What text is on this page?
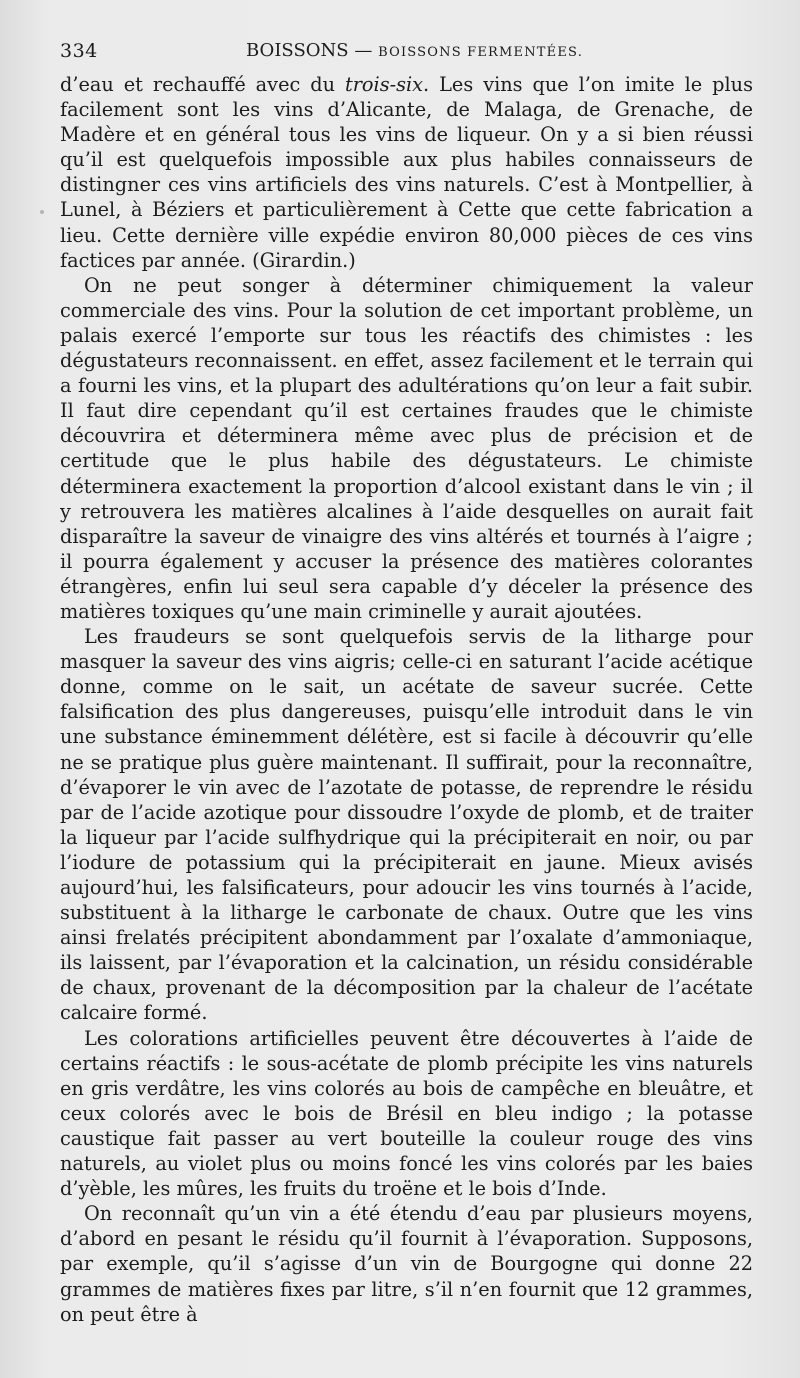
334	BOISSONS — BOISSONS FERMENTÉES.

d’eau et rechauffé avec du trois-six. Les vins que l’on imite le plus facilement sont les vins d’Alicante, de Malaga, de Grenache, de Madère et en général tous les vins de liqueur. On y a si bien réussi qu’il est quelquefois impossible aux plus habiles connaisseurs de distingner ces vins artificiels des vins naturels. C’est à Montpellier, à Lunel, à Béziers et particulièrement à Cette que cette fabrication a lieu. Cette dernière ville expédie environ 80,000 pièces de ces vins factices par année. (Girardin.)

On ne peut songer à déterminer chimiquement la valeur commerciale des vins. Pour la solution de cet important problème, un palais exercé l’emporte sur tous les réactifs des chimistes : les dégustateurs reconnaissent. en effet, assez facilement et le terrain qui a fourni les vins, et la plupart des adultérations qu’on leur a fait subir. Il faut dire cependant qu’il est certaines fraudes que le chimiste découvrira et déterminera même avec plus de précision et de certitude que le plus habile des dégustateurs. Le chimiste déterminera exactement la proportion d’alcool existant dans le vin ; il y retrouvera les matières alcalines à l’aide desquelles on aurait fait disparaître la saveur de vinaigre des vins altérés et tournés à l’aigre ; il pourra également y accuser la présence des matières colorantes étrangères, enfin lui seul sera capable d’y déceler la présence des matières toxiques qu’une main criminelle y aurait ajoutées.

Les fraudeurs se sont quelquefois servis de la litharge pour masquer la saveur des vins aigris; celle-ci en saturant l’acide acétique donne, comme on le sait, un acétate de saveur sucrée. Cette falsification des plus dangereuses, puisqu’elle introduit dans le vin une substance éminemment délétère, est si facile à découvrir qu’elle ne se pratique plus guère maintenant. Il suffirait, pour la reconnaître, d’évaporer le vin avec de l’azotate de potasse, de reprendre le résidu par de l’acide azotique pour dissoudre l’oxyde de plomb, et de traiter la liqueur par l’acide sulfhydrique qui la précipiterait en noir, ou par l’iodure de potassium qui la précipiterait en jaune. Mieux avisés aujourd’hui, les falsificateurs, pour adoucir les vins tournés à l’acide, substituent à la litharge le carbonate de chaux. Outre que les vins ainsi frelatés précipitent abondamment par l’oxalate d’ammoniaque, ils laissent, par l’évaporation et la calcination, un résidu considérable de chaux, provenant de la décomposition par la chaleur de l’acétate calcaire formé.

Les colorations artificielles peuvent être découvertes à l’aide de certains réactifs : le sous-acétate de plomb précipite les vins naturels en gris verdâtre, les vins colorés au bois de campêche en bleuâtre, et ceux colorés avec le bois de Brésil en bleu indigo ; la potasse caustique fait passer au vert bouteille la couleur rouge des vins naturels, au violet plus ou moins foncé les vins colorés par les baies d’yèble, les mûres, les fruits du troëne et le bois d’Inde.

On reconnaît qu’un vin a été étendu d’eau par plusieurs moyens, d’abord en pesant le résidu qu’il fournit à l’évaporation. Supposons, par exemple, qu’il s’agisse d’un vin de Bourgogne qui donne 22 grammes de matières fixes par litre, s’il n’en fournit que 12 grammes, on peut être à
